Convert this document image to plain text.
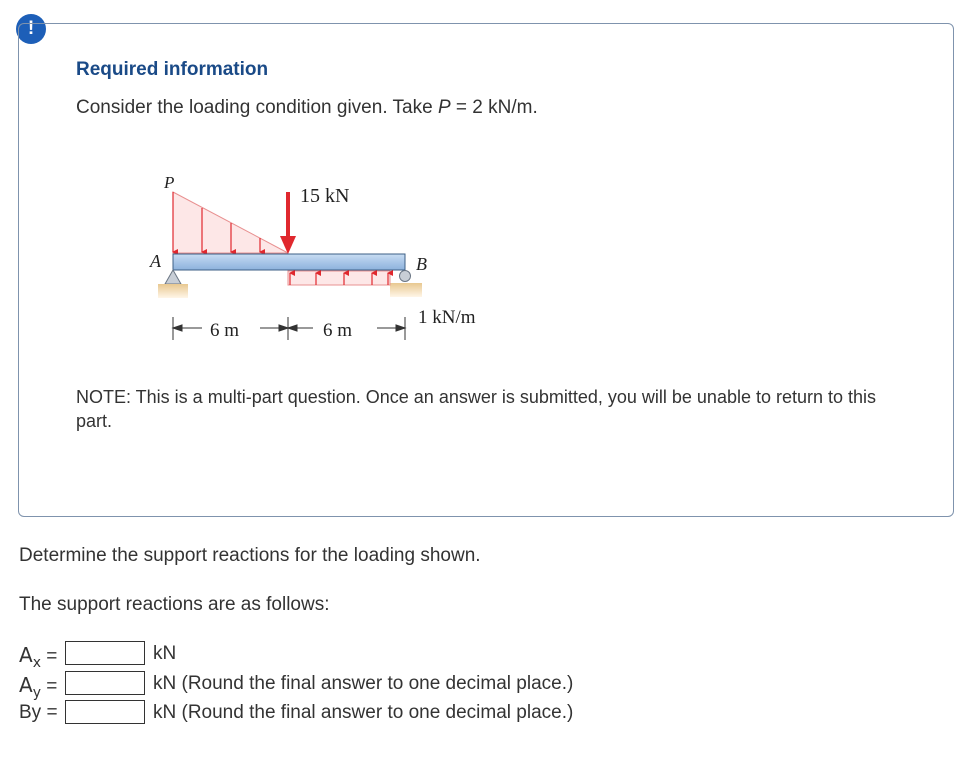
!
Required information
Consider the loading condition given. Take P = 2 kN/m.
P
15 kN
A	B
6 m	6 m
1 kN/m
NOTE: This is a multi-part question. Once an answer is submitted, you will be unable to return to this part.
Determine the support reactions for the loading shown.
The support reactions are as follows:
$A_x$ =	kN
$A_y$ =	kN (Round the final answer to one decimal place.)
By =	kN (Round the final answer to one decimal place.)
